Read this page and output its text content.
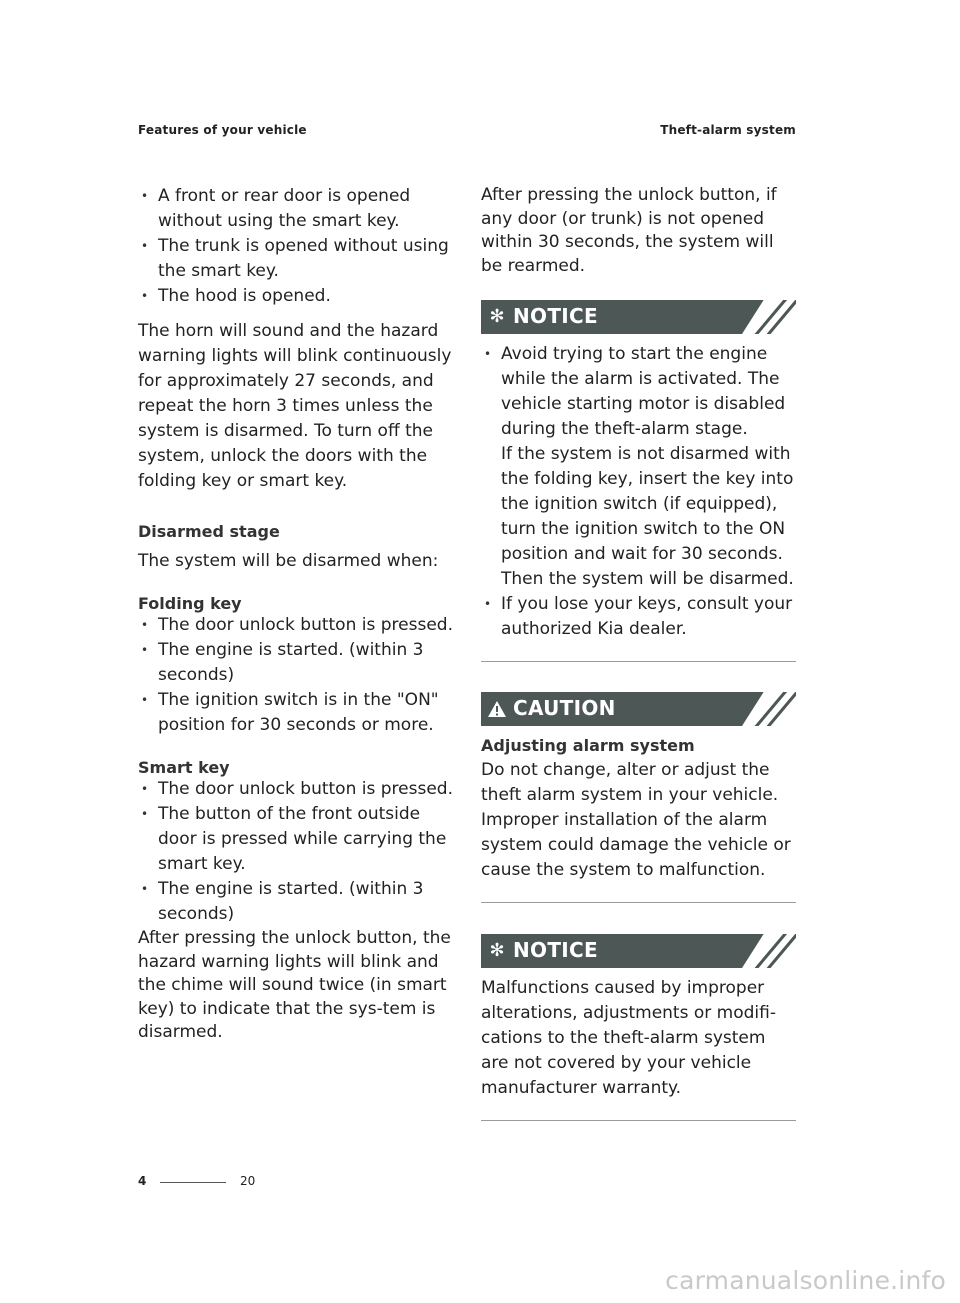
Features of your vehicle	Theft-alarm system
• A front or rear door is opened without using the smart key.
• The trunk is opened without using the smart key.
• The hood is opened.
The horn will sound and the hazard warning lights will blink continuously for approximately 27 seconds, and repeat the horn 3 times unless the system is disarmed. To turn off the system, unlock the doors with the folding key or smart key.
Disarmed stage
The system will be disarmed when:
Folding key
• The door unlock button is pressed.
• The engine is started. (within 3 seconds)
• The ignition switch is in the "ON" position for 30 seconds or more.
Smart key
• The door unlock button is pressed.
• The button of the front outside door is pressed while carrying the smart key.
• The engine is started. (within 3 seconds)
After pressing the unlock button, the hazard warning lights will blink and the chime will sound twice (in smart key) to indicate that the sys-tem is disarmed.
After pressing the unlock button, if any door (or trunk) is not opened within 30 seconds, the system will be rearmed.
✻ NOTICE
• Avoid trying to start the engine while the alarm is activated. The vehicle starting motor is disabled during the theft-alarm stage.
If the system is not disarmed with the folding key, insert the key into the ignition switch (if equipped), turn the ignition switch to the ON position and wait for 30 seconds. Then the system will be disarmed.
• If you lose your keys, consult your authorized Kia dealer.
CAUTION
Adjusting alarm system
Do not change, alter or adjust the theft alarm system in your vehicle. Improper installation of the alarm system could damage the vehicle or cause the system to malfunction.
✻ NOTICE
Malfunctions caused by improper alterations, adjustments or modifi-cations to the theft-alarm system are not covered by your vehicle manufacturer warranty.
4	20
carmanualsonline.info
